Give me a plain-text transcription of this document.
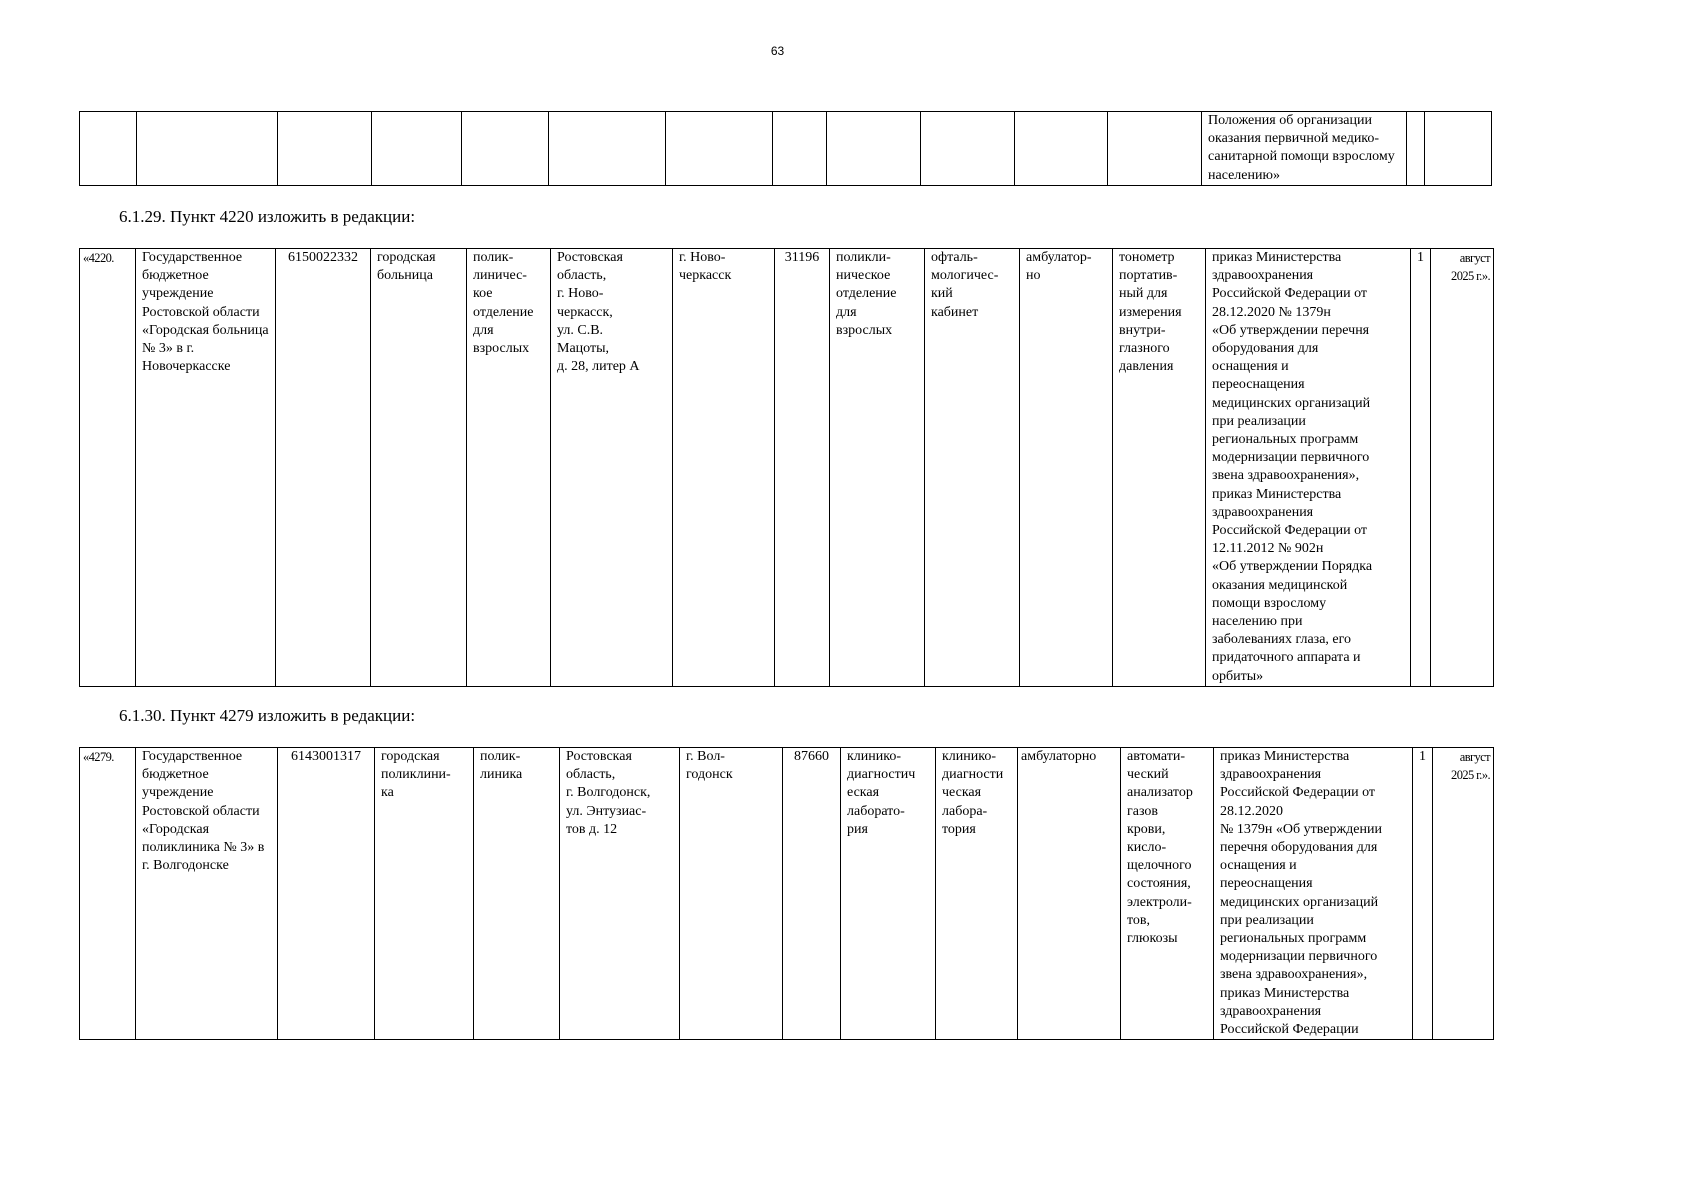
63
												Положения об организации оказания первичной медико-санитарной помощи взрослому населению»		
6.1.29. Пункт 4220 изложить в редакции:
«4220.	Государственное бюджетное учреждение Ростовской области «Городская больница № 3» в г. Новочеркасске	6150022332	городская больница	полик-
линичес-
кое
отделение
для
взрослых	Ростовская
область,
г. Ново-
черкасск,
ул. С.В.
Мацоты,
д. 28, литер А	г. Ново-
черкасск	31196	поликли-
ническое
отделение
для
взрослых	офталь-
мологичес-
кий
кабинет	амбулатор-
но	тонометр
портатив-
ный для
измерения
внутри-
глазного
давления	приказ Министерства
здравоохранения
Российской Федерации от
28.12.2020 № 1379н
«Об утверждении перечня
оборудования для
оснащения и
переоснащения
медицинских организаций
при реализации
региональных программ
модернизации первичного
звена здравоохранения»,
приказ Министерства
здравоохранения
Российской Федерации от
12.11.2012 № 902н
«Об утверждении Порядка
оказания медицинской
помощи взрослому
населению при
заболеваниях глаза, его
придаточного аппарата и
орбиты»	1	август
2025 г.».
6.1.30. Пункт 4279 изложить в редакции:
«4279.	Государственное бюджетное учреждение Ростовской области «Городская поликлиника № 3» в г. Волгодонске	6143001317	городская
поликлини-
ка	полик-
линика	Ростовская
область,
г. Волгодонск,
ул. Энтузиас-
тов д. 12	г. Вол-
годонск	87660	клинико-
диагностич
еская
лаборато-
рия	клинико-
диагности
ческая
лабора-
тория	амбулаторно	автомати-
ческий
анализатор
газов
крови,
кисло-
щелочного
состояния,
электроли-
тов,
глюкозы	приказ Министерства
здравоохранения
Российской Федерации от
28.12.2020
№ 1379н «Об утверждении
перечня оборудования для
оснащения и
переоснащения
медицинских организаций
при реализации
региональных программ
модернизации первичного
звена здравоохранения»,
приказ Министерства
здравоохранения
Российской Федерации	1	август
2025 г.».
